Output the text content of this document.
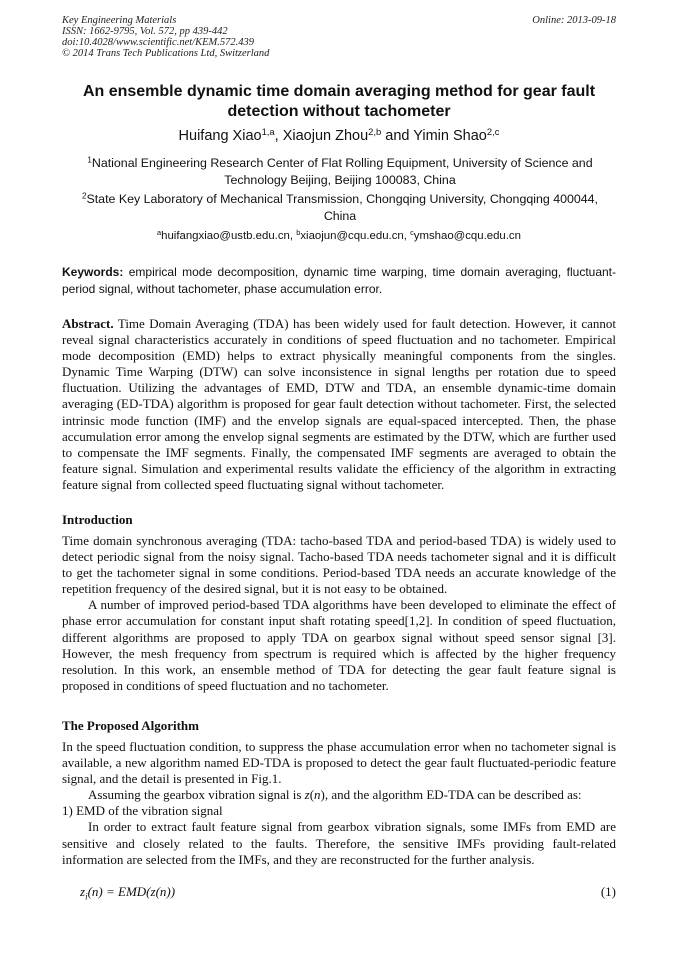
Key Engineering Materials
ISSN: 1662-9795, Vol. 572, pp 439-442
doi:10.4028/www.scientific.net/KEM.572.439
© 2014 Trans Tech Publications Ltd, Switzerland
Online: 2013-09-18
An ensemble dynamic time domain averaging method for gear fault
detection without tachometer
Huifang Xiao$^{1,a}$, Xiaojun Zhou$^{2,b}$ and Yimin Shao$^{2,c}$
$^1$National Engineering Research Center of Flat Rolling Equipment, University of Science and
Technology Beijing, Beijing 100083, China
$^2$State Key Laboratory of Mechanical Transmission, Chongqing University, Chongqing 400044,
China
$^a$huifangxiao@ustb.edu.cn, $^b$xiaojun@cqu.edu.cn, $^c$ymshao@cqu.edu.cn
Keywords: empirical mode decomposition, dynamic time warping, time domain averaging, fluctuant-period signal, without tachometer, phase accumulation error.
Abstract. Time Domain Averaging (TDA) has been widely used for fault detection. However, it cannot reveal signal characteristics accurately in conditions of speed fluctuation and no tachometer. Empirical mode decomposition (EMD) helps to extract physically meaningful components from the singles. Dynamic Time Warping (DTW) can solve inconsistence in signal lengths per rotation due to speed fluctuation. Utilizing the advantages of EMD, DTW and TDA, an ensemble dynamic-time domain averaging (ED-TDA) algorithm is proposed for gear fault detection without tachometer. First, the selected intrinsic mode function (IMF) and the envelop signals are equal-spaced intercepted. Then, the phase accumulation error among the envelop signal segments are estimated by the DTW, which are further used to compensate the IMF segments. Finally, the compensated IMF segments are averaged to obtain the feature signal. Simulation and experimental results validate the efficiency of the algorithm in extracting feature signal from collected speed fluctuating signal without tachometer.
Introduction

Time domain synchronous averaging (TDA: tacho-based TDA and period-based TDA) is widely used to detect periodic signal from the noisy signal. Tacho-based TDA needs tachometer signal and it is difficult to get the tachometer signal in some conditions. Period-based TDA needs an accurate knowledge of the repetition frequency of the desired signal, but it is not easy to be obtained.

A number of improved period-based TDA algorithms have been developed to eliminate the effect of phase error accumulation for constant input shaft rotating speed[1,2]. In condition of speed fluctuation, different algorithms are proposed to apply TDA on gearbox signal without speed sensor signal [3]. However, the mesh frequency from spectrum is required which is affected by the higher frequency resolution. In this work, an ensemble method of TDA for detecting the gear fault feature signal is proposed in conditions of speed fluctuation and no tachometer.

The Proposed Algorithm

In the speed fluctuation condition, to suppress the phase accumulation error when no tachometer signal is available, a new algorithm named ED-TDA is proposed to detect the gear fault fluctuated-periodic feature signal, and the detail is presented in Fig.1.

Assuming the gearbox vibration signal is z(n), and the algorithm ED-TDA can be described as:

1) EMD of the vibration signal

In order to extract fault feature signal from gearbox vibration signals, some IMFs from EMD are sensitive and closely related to the faults. Therefore, the sensitive IMFs providing fault-related information are selected from the IMFs, and they are reconstructed for the further analysis.

$z_i(n) = EMD(z(n))$	(1)
